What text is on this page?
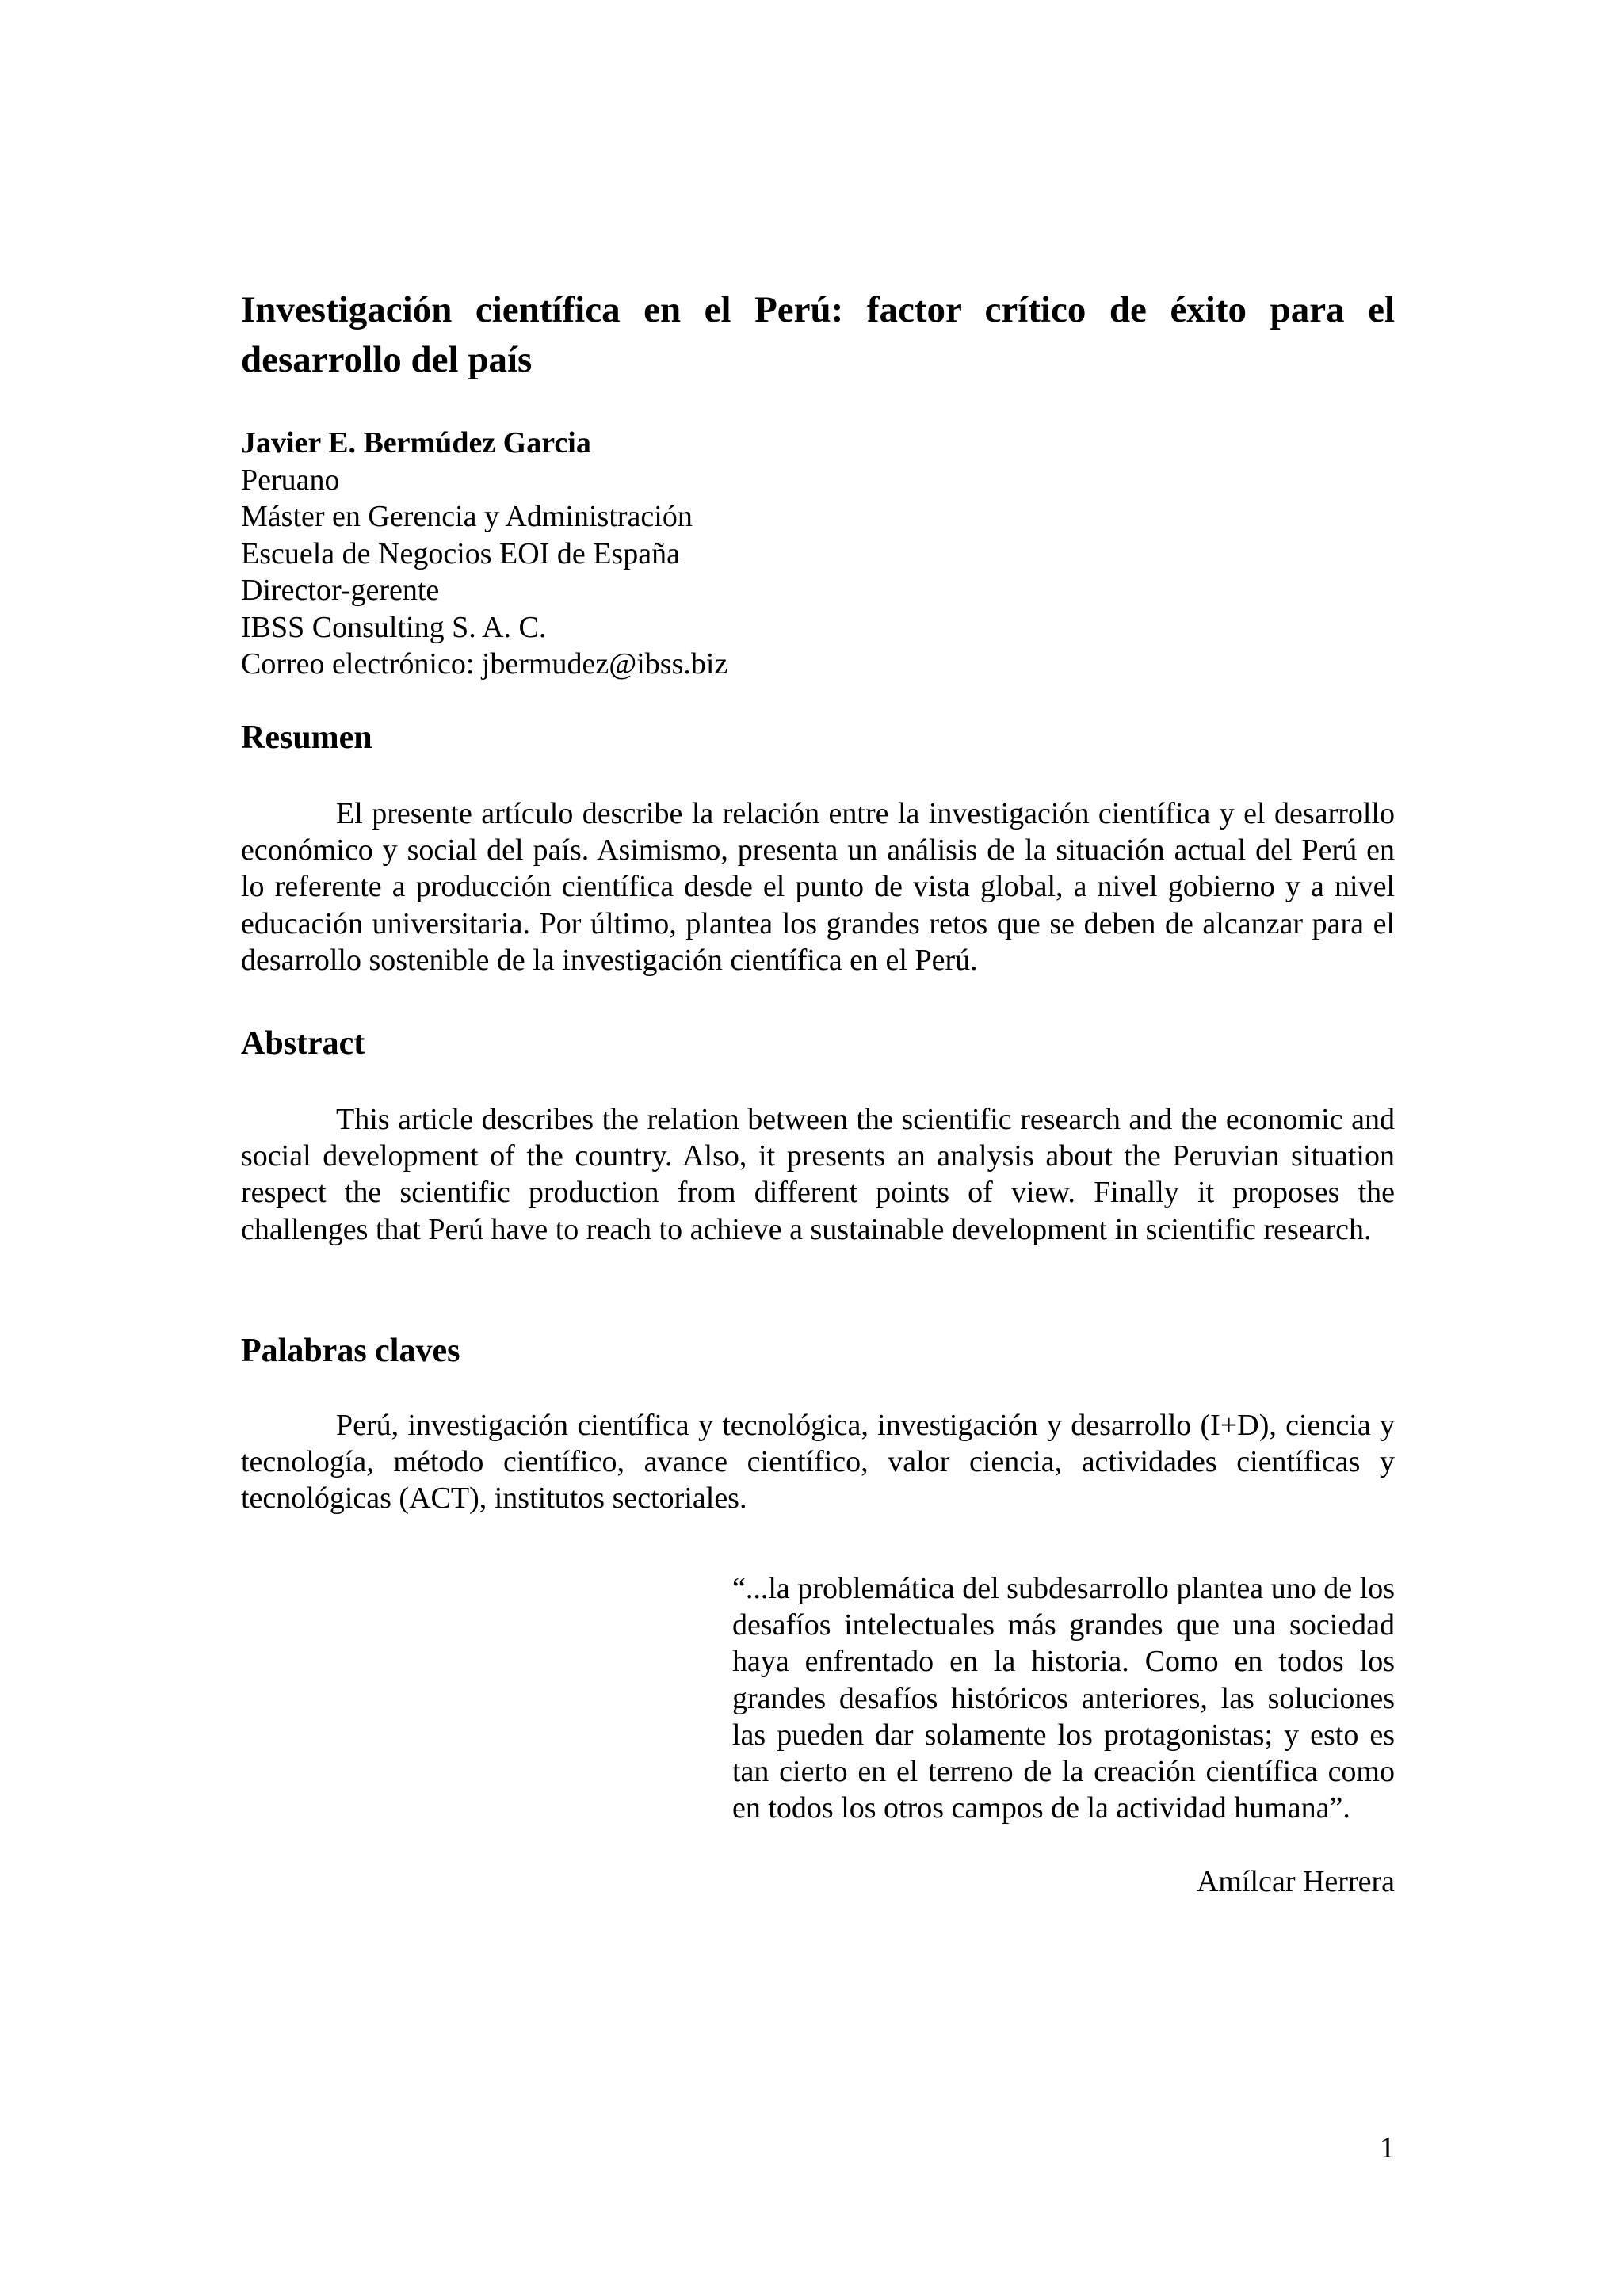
Investigación científica en el Perú: factor crítico de éxito para el desarrollo del país
Javier E. Bermúdez Garcia
Peruano
Máster en Gerencia y Administración
Escuela de Negocios EOI de España
Director-gerente
IBSS Consulting S. A. C.
Correo electrónico: jbermudez@ibss.biz
Resumen

El presente artículo describe la relación entre la investigación científica y el desarrollo económico y social del país. Asimismo, presenta un análisis de la situación actual del Perú en lo referente a producción científica desde el punto de vista global, a nivel gobierno y a nivel educación universitaria. Por último, plantea los grandes retos que se deben de alcanzar para el desarrollo sostenible de la investigación científica en el Perú.

Abstract

This article describes the relation between the scientific research and the economic and social development of the country. Also, it presents an analysis about the Peruvian situation respect the scientific production from different points of view. Finally it proposes the challenges that Perú have to reach to achieve a sustainable development in scientific research.

Palabras claves

Perú, investigación científica y tecnológica, investigación y desarrollo (I+D), ciencia y tecnología, método científico, avance científico, valor ciencia, actividades científicas y tecnológicas (ACT), institutos sectoriales.

“...la problemática del subdesarrollo plantea uno de los desafíos intelectuales más grandes que una sociedad haya enfrentado en la historia. Como en todos los grandes desafíos históricos anteriores, las soluciones las pueden dar solamente los protagonistas; y esto es tan cierto en el terreno de la creación científica como en todos los otros campos de la actividad humana”.

Amílcar Herrera
1
